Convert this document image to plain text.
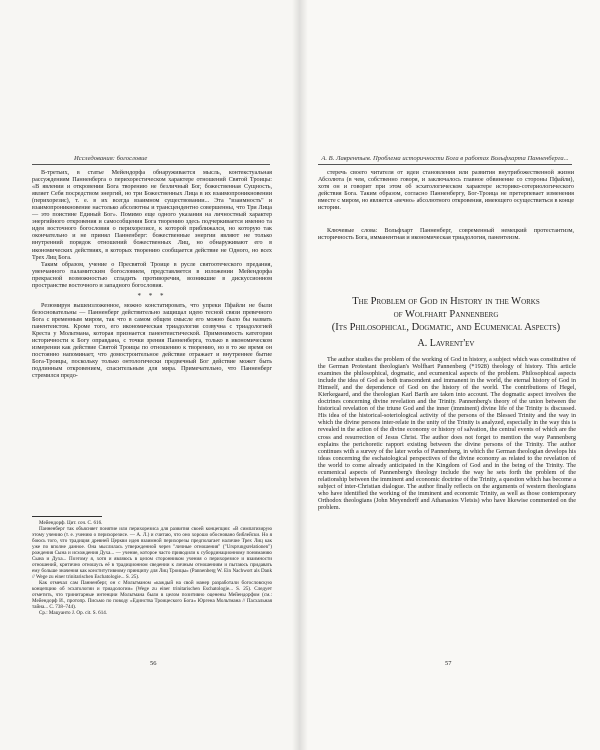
Исследования: богословие

В-третьих, в статье Мейендорфа обнаруживается мысль, контекстуальная рассуждениям Панненберга о перихорестическом характере отношений Святой Троицы: «В явлении и откровении Бога творению не безличный Бог, божественная Сущность, являет Себя посредством энергий, но три Божественных Лица в их взаимопроникновении (перихорезис), т. е. в их всегда взаимном существовании... Эта "взаимность" и взаимопроникновение настолько абсолютны и трансцендентно совершенны, что Три Лица — это поистине Единый Бог». Помимо еще одного указания на личностный характер энергийного откровения и самособщения Бога творению здесь подчеркивается именно та идея восточного богословия о перихорезисе, к которой приближался, но которую так окончательно и не принял Панненберг: божественные энергии являют не только внутренний порядок отношений божественных Лиц, но обнаруживают его в икономических действиях, в которых творению сообщается действие не Одного, но всех Трех Лиц Бога.

Таким образом, учение о Пресвятой Троице в русле святоотеческого предания, увенчанного паламитским богословием, представляется в изложении Мейендорфа прекрасной возможностью сгладить противоречия, возникшие в дискуссионном пространстве восточного и западного богословия.

* * *

Резюмируя вышеизложенное, можно констатировать, что упреки Пфайли не были безосновательны — Панненберг действительно защищал идею тесной связи превечного Бога с временным миром, так что в самом общем смысле его можно было бы назвать панентеистом. Кроме того, его икономическая триадология созвучна с триадологией Креста у Мольтмана, которая признается панентеистической. Применимость категории историчности к Богу оправдана, с точки зрения Панненберга, только в икономическом измерении как действие Святой Троицы по отношению к творению, но в то же время он постоянно напоминает, что домостроительное действие отражает и внутреннее бытие Бога-Троицы, поскольку только онтологически предвечный Бог действие может быть подлинным откровением, спасительным для мира. Примечательно, что Панненберг стремился предо-

Мейендорф. Цит. соч. С. 616.

Панненберг так объясняет понятие или перихорезиса для развития своей концепции: «В симпатизирую этому учению (т. е. учению о перихорезисе. — А. Л.) и считаю, что оно хорошо обосновано библейски. Но я боюсь того, что традиция древней Церкви идея взаимной перихорезы предполагает наличие Трех Лиц как уже по вполне данное. Она мыслилась утвержденной через "личные отношения" ("Ursprungsrelationen") рождения Сына и исхождения Духа... — учение, которое часто приводили к субординационному пониманию Сына и Духа... Поэтому я, хотя и являюсь в целом сторонником учения о перихорезисе и взаимности отношений, критично отношусь её в традиционном сведении к личным отношениям и пытаюсь придавать ему больше значения как конститутивному принципу для Лиц Троицы» (Pannenberg W. Ein Nachwort als Dank // Wege zu einer trinitarischen Eschatologie... S. 25).

Как отмечал сам Панненберг, он с Мольтманом «каждый на свой манер разработали богословскую концепцию об эсхатологии и триадологии» (Wege zu einer trinitarischen Eschatologie... S. 25). Следует отметить, что тринитарные интенции Мольтмана были в целом позитивно оценены Мейендорфом (см.: Мейендорф И., протопр. Письмо по поводу «Единства Троицеского Бога» Юргена Мольтмана // Пасхальная тайна... С. 738–744).

Ср.: Мацуанто J. Op. cit. S. 614.

56
А. В. Лаврентьев. Проблема историчности Бога в работах Вольфхарта Панненберга...

стеречь своего читателя от идеи становления или развития внутрибожественной жизни Абсолюта (в чем, собственно говоря, и заключалось главное обвинение со стороны Пфайли), хотя он и говорит при этом об эсхатологическом характере историко-сотериологического действия Бога. Таким образом, согласно Панненбергу, Бог-Троица не претерпевает изменения вместе с миром, но является «вечно» абсолютного откровения, имеющего осуществиться в конце истории.

Ключевые слова: Вольфхарт Панненберг, современный немецкий протестантизм, историчность Бога, имманентная и икономическая триадология, панентеизм.

The Problem of God in History in the Works
of Wolfhart Pannenberg
(Its Philosophical, Dogmatic, and Ecumenical Aspects)
A. Lavrent'ev

The author studies the problem of the working of God in history, a subject which was constitutive of the German Protestant theologian's Wolfhart Pannenberg (*1928) theology of history. This article examines the philosophical, dogmatic, and ecumenical aspects of the problem. Philosophical aspects include the idea of God as both transcendent and immanent in the world, the eternal history of God in Himself, and the dependence of God on the history of the world. The contributions of Hegel, Kierkegaard, and the theologian Karl Barth are taken into account. The dogmatic aspect involves the doctrines concerning divine revelation and the Trinity. Pannenberg's theory of the union between the historical revelation of the triune God and the inner (imminent) divine life of the Trinity is discussed. His idea of the historical-soteriological activity of the persons of the Blessed Trinity and the way in which the divine persons inter-relate in the unity of the Trinity is analyzed, especially in the way this is revealed in the action of the divine economy or history of salvation, the central events of which are the cross and resurrection of Jesus Christ. The author does not forget to mention the way Pannenberg explains the perichoretic rapport existing between the divine persons of the Trinity. The author continues with a survey of the later works of Pannenberg, in which the German theologian develops his ideas concerning the eschatological perspectives of the divine economy as related to the revelation of the world to come already anticipated in the Kingdom of God and in the being of the Trinity. The ecumenical aspects of Pannenberg's theology include the way he sets forth the problem of the relationship between the imminent and economic doctrine of the Trinity, a question which has become a subject of inter-Christian dialogue. The author finally reflects on the arguments of western theologians who have identified the working of the imminent and economic Trinity, as well as those contemporary Orthodox theologians (John Meyendorff and Athanasios Vletsis) who have likewise commented on the problem.

57
